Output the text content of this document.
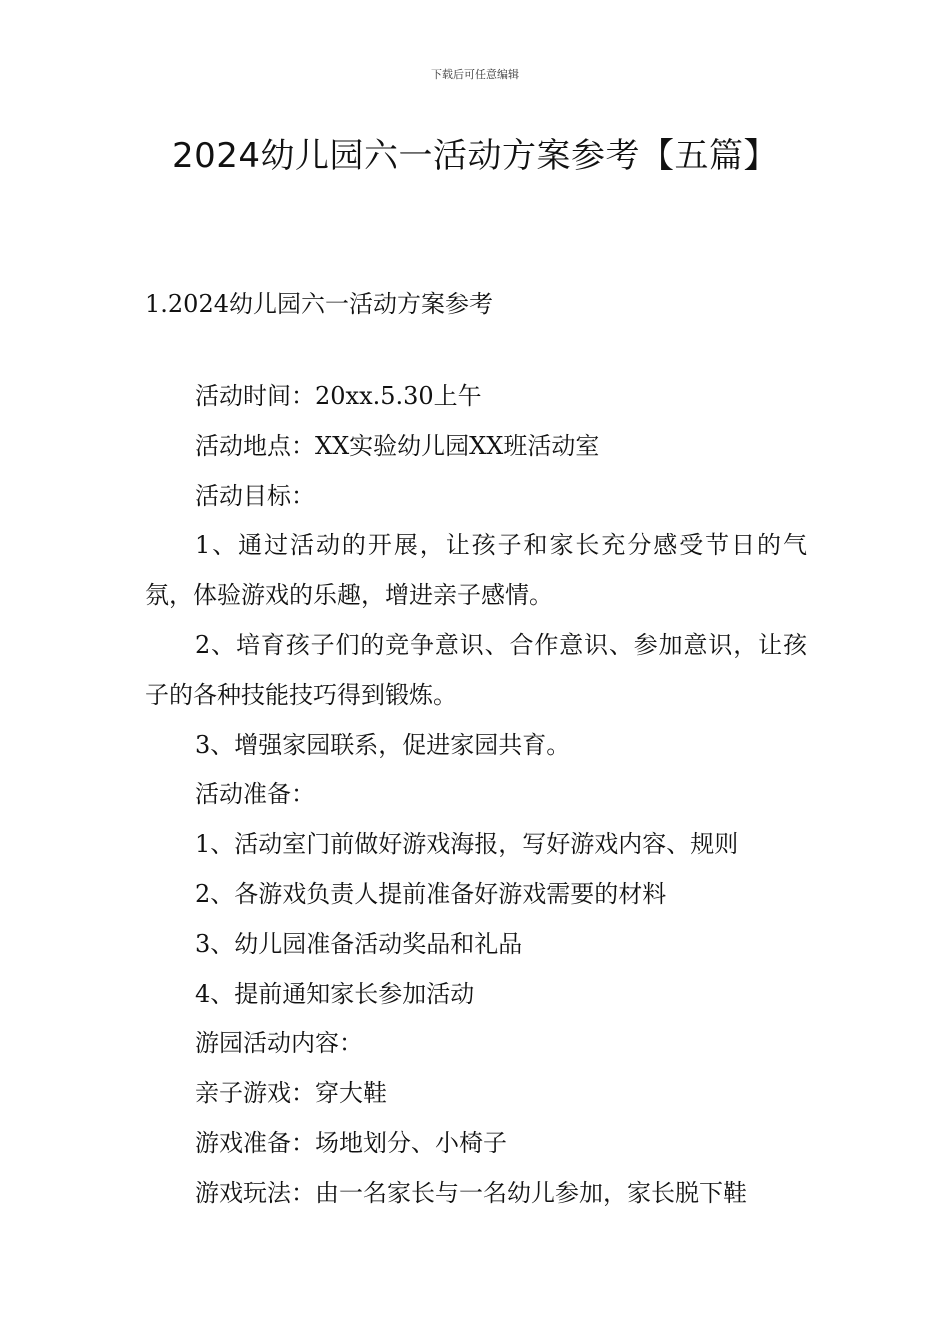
下载后可任意编辑
2024幼儿园六一活动方案参考【五篇】
1.2024幼儿园六一活动方案参考

活动时间：20xx.5.30上午

活动地点：XX实验幼儿园XX班活动室

活动目标：

1、通过活动的开展，让孩子和家长充分感受节日的气氛，体验游戏的乐趣，增进亲子感情。

2、培育孩子们的竞争意识、合作意识、参加意识，让孩子的各种技能技巧得到锻炼。

3、增强家园联系，促进家园共育。

活动准备：

1、活动室门前做好游戏海报，写好游戏内容、规则

2、各游戏负责人提前准备好游戏需要的材料

3、幼儿园准备活动奖品和礼品

4、提前通知家长参加活动

游园活动内容：

亲子游戏：穿大鞋

游戏准备：场地划分、小椅子

游戏玩法：由一名家长与一名幼儿参加，家长脱下鞋
